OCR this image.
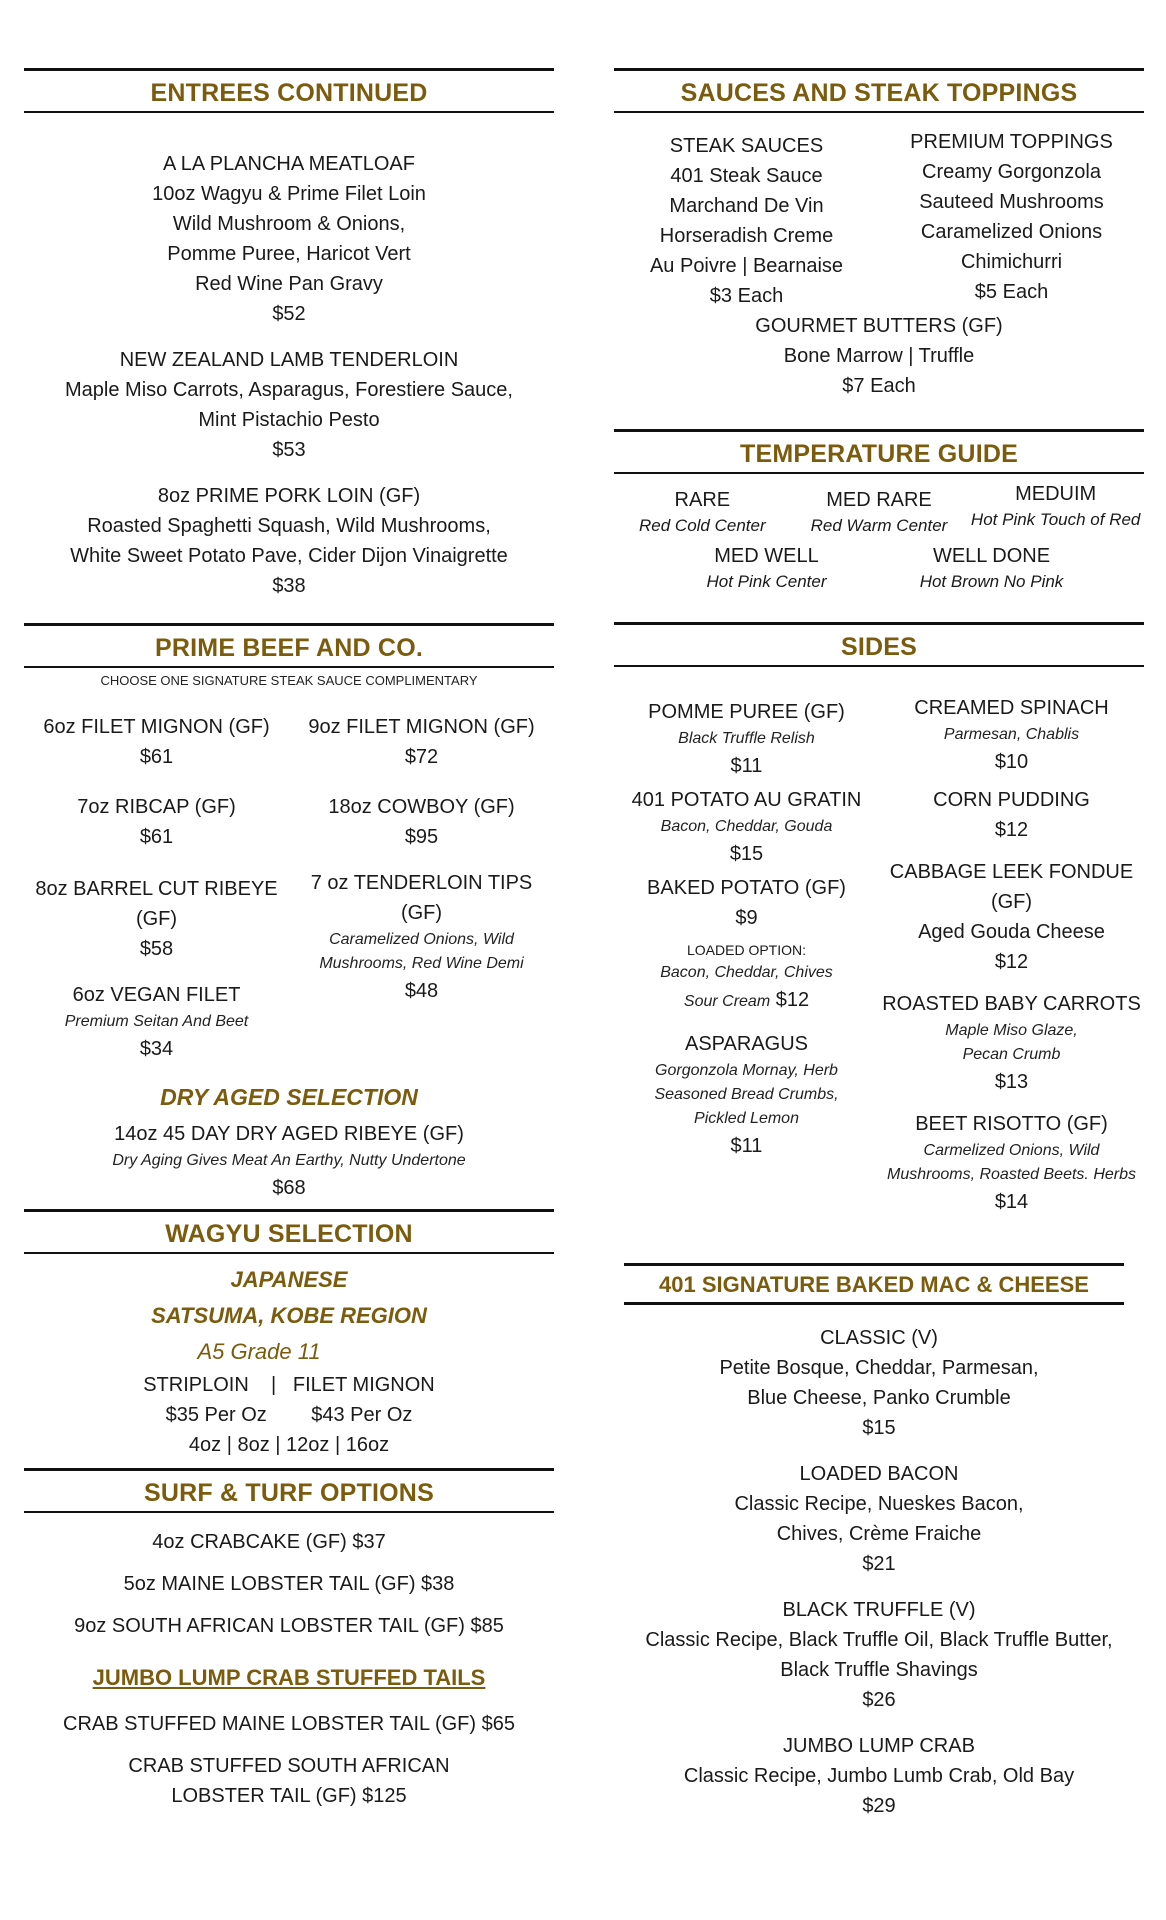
ENTREES CONTINUED
A LA PLANCHA MEATLOAF
10oz Wagyu & Prime Filet Loin
Wild Mushroom & Onions,
Pomme Puree, Haricot Vert
Red Wine Pan Gravy
$52
NEW ZEALAND LAMB TENDERLOIN
Maple Miso Carrots, Asparagus, Forestiere Sauce,
Mint Pistachio Pesto
$53
8oz PRIME PORK LOIN (GF)
Roasted Spaghetti Squash, Wild Mushrooms,
White Sweet Potato Pave, Cider Dijon Vinaigrette
$38
PRIME BEEF AND CO.
CHOOSE ONE SIGNATURE STEAK SAUCE COMPLIMENTARY
6oz FILET MIGNON (GF)
$61
7oz RIBCAP (GF)
$61
8oz BARREL CUT RIBEYE (GF)
$58
6oz VEGAN FILET
Premium Seitan And Beet
$34
9oz FILET MIGNON (GF)
$72
18oz COWBOY (GF)
$95
7 oz TENDERLOIN TIPS (GF)
Caramelized Onions, Wild Mushrooms, Red Wine Demi
$48
DRY AGED SELECTION
14oz 45 DAY DRY AGED RIBEYE (GF)
Dry Aging Gives Meat An Earthy, Nutty Undertone
$68
WAGYU SELECTION
JAPANESE
SATSUMA, KOBE REGION
A5 Grade 11
STRIPLOIN    |   FILET MIGNON
$35 Per Oz        $43 Per Oz
4oz | 8oz | 12oz | 16oz
SURF & TURF OPTIONS
4oz CRABCAKE (GF) $37
5oz MAINE LOBSTER TAIL (GF) $38
9oz SOUTH AFRICAN LOBSTER TAIL (GF) $85
JUMBO LUMP CRAB STUFFED TAILS
CRAB STUFFED MAINE LOBSTER TAIL (GF) $65
CRAB STUFFED SOUTH AFRICAN
LOBSTER TAIL (GF) $125
SAUCES AND STEAK TOPPINGS
STEAK SAUCES
401 Steak Sauce
Marchand De Vin
Horseradish Creme
Au Poivre | Bearnaise
$3 Each
PREMIUM TOPPINGS
Creamy Gorgonzola
Sauteed Mushrooms
Caramelized Onions
Chimichurri
$5 Each
GOURMET BUTTERS (GF)
Bone Marrow | Truffle
$7 Each
TEMPERATURE GUIDE
RARE
Red Cold Center
MED RARE
Red Warm Center
MEDUIM
Hot Pink Touch of Red
MED WELL
Hot Pink Center
WELL DONE
Hot Brown No Pink
SIDES
POMME PUREE (GF)
Black Truffle Relish
$11
401 POTATO AU GRATIN
Bacon, Cheddar, Gouda
$15
BAKED POTATO (GF)
$9
LOADED OPTION:
Bacon, Cheddar, Chives
Sour Cream $12
ASPARAGUS
Gorgonzola Mornay, Herb Seasoned Bread Crumbs, Pickled Lemon
$11
CREAMED SPINACH
Parmesan, Chablis
$10
CORN PUDDING
$12
CABBAGE LEEK FONDUE (GF)
Aged Gouda Cheese
$12
ROASTED BABY CARROTS
Maple Miso Glaze, Pecan Crumb
$13
BEET RISOTTO (GF)
Carmelized Onions, Wild Mushrooms, Roasted Beets. Herbs
$14
401 SIGNATURE BAKED MAC & CHEESE
CLASSIC (V)
Petite Bosque, Cheddar, Parmesan,
Blue Cheese, Panko Crumble
$15
LOADED BACON
Classic Recipe, Nueskes Bacon,
Chives, Crème Fraiche
$21
BLACK TRUFFLE (V)
Classic Recipe, Black Truffle Oil, Black Truffle Butter,
Black Truffle Shavings
$26
JUMBO LUMP CRAB
Classic Recipe, Jumbo Lumb Crab, Old Bay
$29
